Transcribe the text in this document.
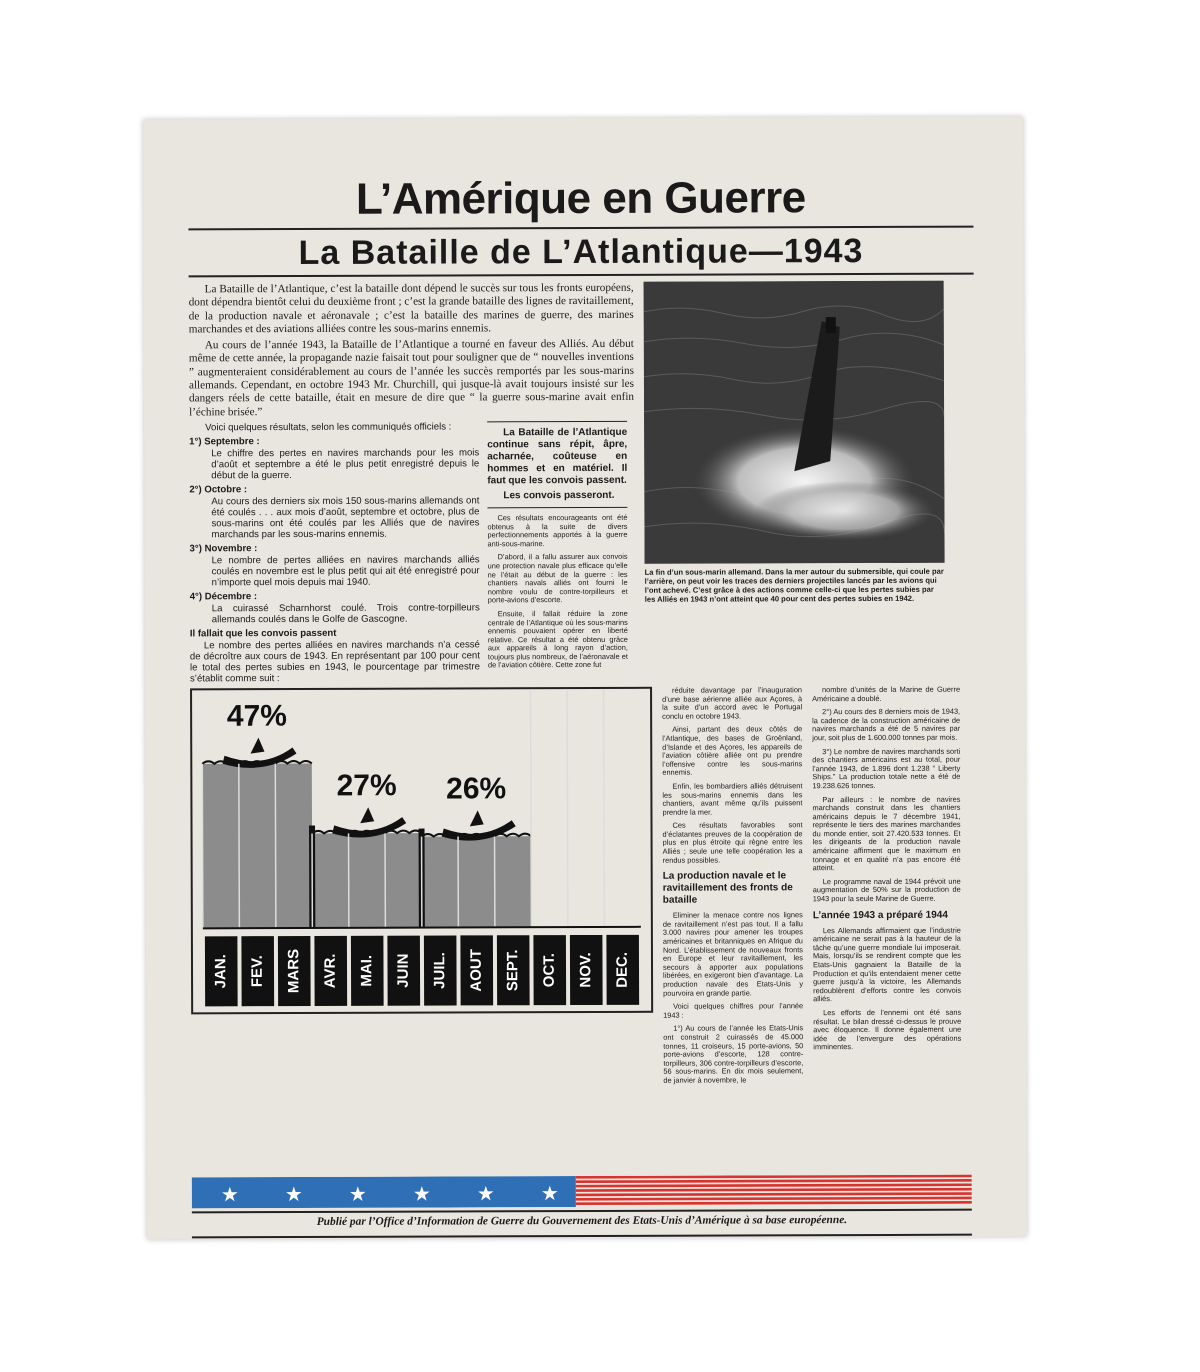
L’Amérique en Guerre
La Bataille de L’Atlantique—1943

La Bataille de l’Atlantique, c’est la bataille dont dépend le succès sur tous les fronts européens, dont dépendra bientôt celui du deuxième front ; c’est la grande bataille des lignes de ravitaillement, de la production navale et aéronavale ; c’est la bataille des marines de guerre, des marines marchandes et des aviations alliées contre les sous-marins ennemis.

Au cours de l’année 1943, la Bataille de l’Atlantique a tourné en faveur des Alliés. Au début même de cette année, la propagande nazie faisait tout pour souligner que de “ nouvelles inventions ” augmenteraient considérablement au cours de l’année les succès remportés par les sous-marins allemands. Cependant, en octobre 1943 Mr. Churchill, qui jusque-là avait toujours insisté sur les dangers réels de cette bataille, était en mesure de dire que “ la guerre sous-marine avait enfin l’échine brisée.”

Voici quelques résultats, selon les communiqués officiels :

1°) Septembre :
Le chiffre des pertes en navires marchands pour les mois d’août et septembre a été le plus petit enregistré depuis le début de la guerre.
2°) Octobre :
Au cours des derniers six mois 150 sous-marins allemands ont été coulés . . . aux mois d’août, septembre et octobre, plus de sous-marins ont été coulés par les Alliés que de navires marchands par les sous-marins ennemis.
3°) Novembre :
Le nombre de pertes alliées en navires marchands alliés coulés en novembre est le plus petit qui ait été enregistré pour n’importe quel mois depuis mai 1940.
4°) Décembre :
La cuirassé Scharnhorst coulé. Trois contre-torpilleurs allemands coulés dans le Golfe de Gascogne.
Il fallait que les convois passent

Le nombre des pertes alliées en navires marchands n’a cessé de décroître aux cours de 1943. En représentant par 100 pour cent le total des pertes subies en 1943, le pourcentage par trimestre s’établit comme suit :

La Bataille de l’Atlantique continue sans répit, âpre, acharnée, coûteuse en hommes et en matériel. Il faut que les convois passent.

Les convois passeront.

Ces résultats encourageants ont été obtenus à la suite de divers perfectionnements apportés à la guerre anti-sous-marine.

D’abord, il a fallu assurer aux convois une protection navale plus efficace qu’elle ne l’était au début de la guerre : les chantiers navals alliés ont fourni le nombre voulu de contre-torpilleurs et porte-avions d’escorte.

Ensuite, il fallait réduire la zone centrale de l’Atlantique où les sous-marins ennemis pouvaient opérer en liberté relative. Ce résultat a été obtenu grâce aux appareils à long rayon d’action, toujours plus nombreux, de l’aéronavale et de l’aviation côtière. Cette zone fut

La fin d’un sous-marin allemand. Dans la mer autour du submersible, qui coule par l’arrière, on peut voir les traces des derniers projectiles lancés par les avions qui l’ont achevé. C’est grâce à des actions comme celle-ci que les pertes subies par les Alliés en 1943 n’ont atteint que 40 pour cent des pertes subies en 1942.
47%
27% 26%
JAN. FEV. MARS AVR. MAI. JUIN JUIL. AOUT SEPT. OCT. NOV. DEC.

réduite davantage par l’inauguration d’une base aérienne alliée aux Açores, à la suite d’un accord avec le Portugal conclu en octobre 1943.

Ainsi, partant des deux côtés de l’Atlantique, des bases de Groënland, d’Islande et des Açores, les appareils de l’aviation côtière alliée ont pu prendre l’offensive contre les sous-marins ennemis.

Enfin, les bombardiers alliés détruisent les sous-marins ennemis dans les chantiers, avant même qu’ils puissent prendre la mer.

Ces résultats favorables sont d’éclatantes preuves de la coopération de plus en plus étroite qui règne entre les Alliés ; seule une telle coopération les a rendus possibles.

La production navale et le ravitaillement des fronts de bataille

Eliminer la menace contre nos lignes de ravitaillement n’est pas tout. Il a fallu 3.000 navires pour amener les troupes américaines et britanniques en Afrique du Nord. L’établissement de nouveaux fronts en Europe et leur ravitaillement, les secours à apporter aux populations libérées, en exigeront bien d’avantage. La production navale des Etats-Unis y pourvoira en grande partie.

Voici quelques chiffres pour l’année 1943 :

1°) Au cours de l’année les Etats-Unis ont construit 2 cuirassés de 45.000 tonnes, 11 croiseurs, 15 porte-avions, 50 porte-avions d’escorte, 128 contre-torpilleurs, 306 contre-torpilleurs d’escorte, 56 sous-marins. En dix mois seulement, de janvier à novembre, le

nombre d’unités de la Marine de Guerre Américaine a doublé.

2°) Au cours des 8 derniers mois de 1943, la cadence de la construction américaine de navires marchands a été de 5 navires par jour, soit plus de 1.600.000 tonnes par mois.

3°) Le nombre de navires marchands sorti des chantiers américains est au total, pour l’année 1943, de 1.896 dont 1.238 “ Liberty Ships.” La production totale nette a été de 19.238.626 tonnes.

Par ailleurs : le nombre de navires marchands construit dans les chantiers américains depuis le 7 décembre 1941, représente le tiers des marines marchandes du monde entier, soit 27.420.533 tonnes. Et les dirigeants de la production navale américaine affirment que le maximum en tonnage et en qualité n’a pas encore été atteint.

Le programme naval de 1944 prévoit une augmentation de 50% sur la production de 1943 pour la seule Marine de Guerre.

L’année 1943 a préparé 1944

Les Allemands affirmaient que l’industrie américaine ne serait pas à la hauteur de la tâche qu’une guerre mondiale lui imposerait. Mais, lorsqu’ils se rendirent compte que les Etats-Unis gagnaient la Bataille de la Production et qu’ils entendaient mener cette guerre jusqu’à la victoire, les Allemands redoublèrent d’efforts contre les convois alliés.

Les efforts de l’ennemi ont été sans résultat. Le bilan dressé ci-dessus le prouve avec éloquence. Il donne également une idée de l’envergure des opérations imminentes.

★ ★ ★ ★ ★ ★
Publié par l’Office d’Information de Guerre du Gouvernement des Etats-Unis d’Amérique à sa base européenne.
